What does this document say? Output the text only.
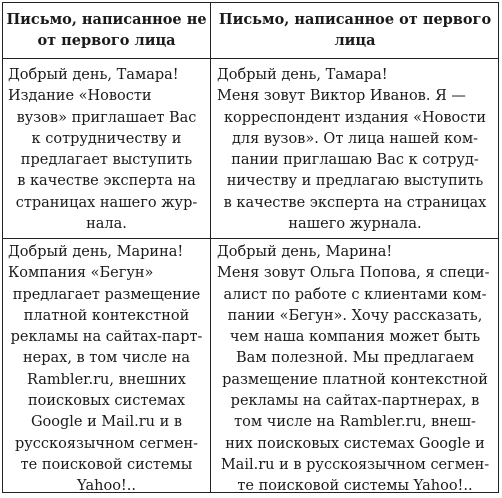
Письмо, написанное не
от первого лица
Письмо, написанное от первого
лица
Добрый день, Тамара!
Издание «Новости
вузов» приглашает Вас
к сотрудничеству и
предлагает выступить
в качестве эксперта на
страницах нашего жур-
нала.
Добрый день, Тамара!
Меня зовут Виктор Иванов. Я —
корреспондент издания «Новости
для вузов». От лица нашей ком-
пании приглашаю Вас к сотруд-
ничеству и предлагаю выступить
в качестве эксперта на страницах
нашего журнала.
Добрый день, Марина!
Компания «Бегун»
предлагает размещение
платной контекстной
рекламы на сайтах-парт-
нерах, в том числе на
Rambler.ru, внешних
поисковых системах
Google и Mail.ru и в
русскоязычном сегмен-
те поисковой системы
Yahoo!..
Добрый день, Марина!
Меня зовут Ольга Попова, я специ-
алист по работе с клиентами ком-
пании «Бегун». Хочу рассказать,
чем наша компания может быть
Вам полезной. Мы предлагаем
размещение платной контекстной
рекламы на сайтах-партнерах, в
том числе на Rambler.ru, внеш-
них поисковых системах Google и
Mail.ru и в русскоязычном сегмен-
те поисковой системы Yahoo!..
